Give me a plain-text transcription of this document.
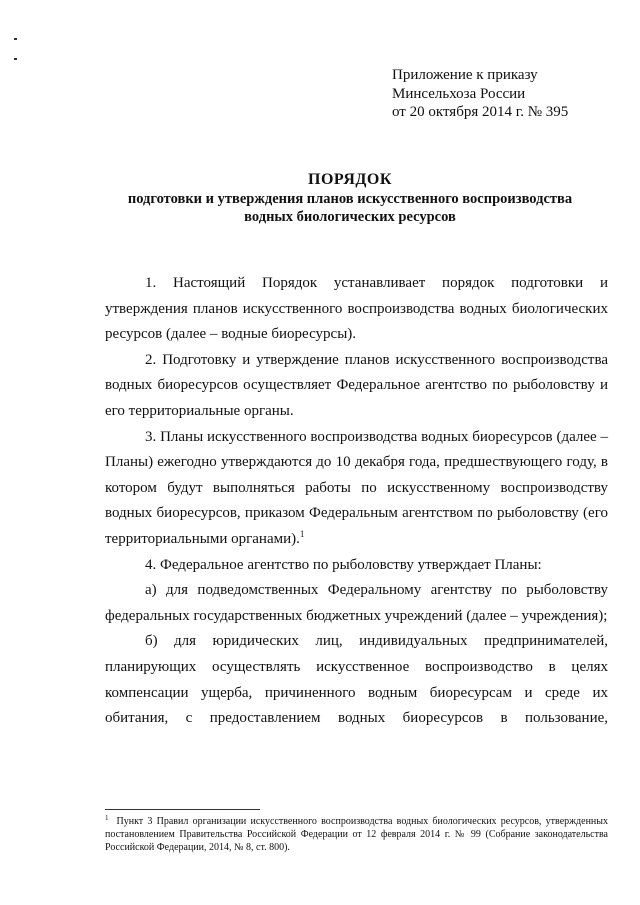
Приложение к приказу
Минсельхоза России
от 20 октября 2014 г. № 395
ПОРЯДОК
подготовки и утверждения планов искусственного воспроизводства
водных биологических ресурсов

1. Настоящий Порядок устанавливает порядок подготовки и утверждения планов искусственного воспроизводства водных биологических ресурсов (далее – водные биоресурсы).

2. Подготовку и утверждение планов искусственного воспроизводства водных биоресурсов осуществляет Федеральное агентство по рыболовству и его территориальные органы.

3. Планы искусственного воспроизводства водных биоресурсов (далее – Планы) ежегодно утверждаются до 10 декабря года, предшествующего году, в котором будут выполняться работы по искусственному воспроизводству водных биоресурсов, приказом Федеральным агентством по рыболовству (его территориальными органами).$^1$

4. Федеральное агентство по рыболовству утверждает Планы:

а) для подведомственных Федеральному агентству по рыболовству федеральных государственных бюджетных учреждений (далее – учреждения);

б) для юридических лиц, индивидуальных предпринимателей, планирующих осуществлять искусственное воспроизводство в целях компенсации ущерба, причиненного водным биоресурсам и среде их обитания, с предоставлением водных биоресурсов в пользование,

$^1$ Пункт 3 Правил организации искусственного воспроизводства водных биологических ресурсов, утвержденных постановлением Правительства Российской Федерации от 12 февраля 2014 г. № 99 (Собрание законодательства Российской Федерации, 2014, № 8, ст. 800).
